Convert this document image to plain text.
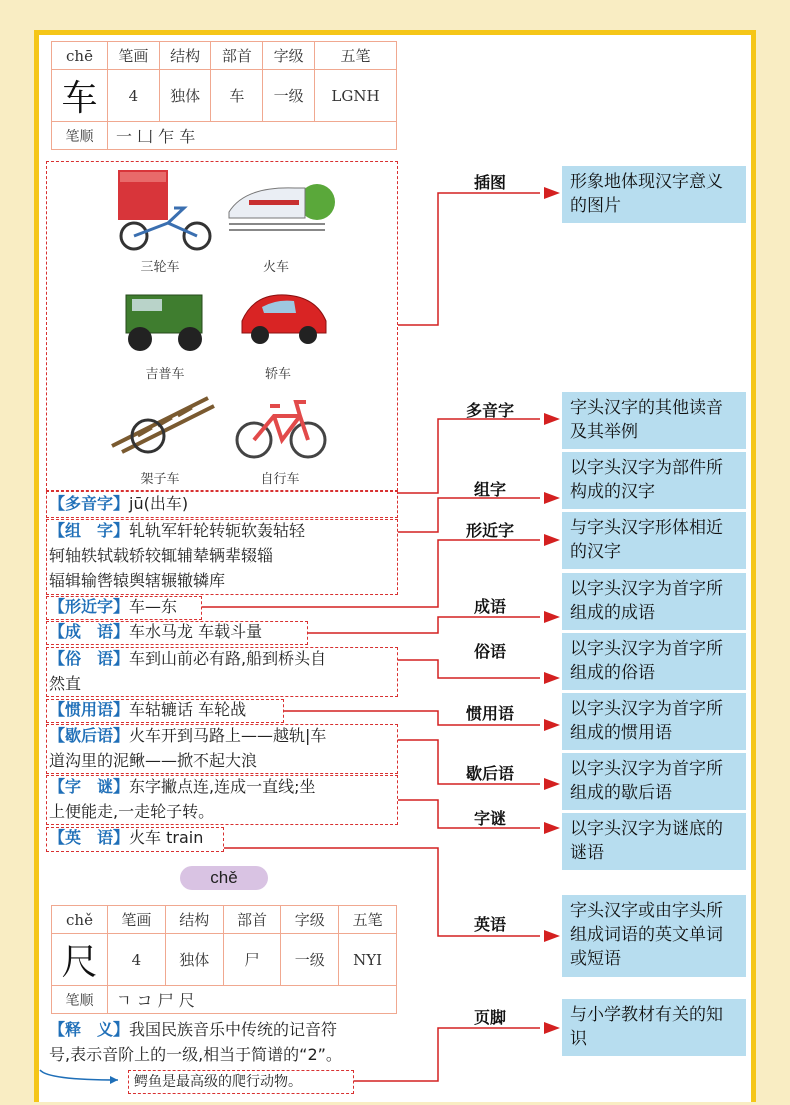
chē	笔画	结构	部首	字级	五笔
车	4	独体	车	一级	LGNH
笔顺	一 ⼐ 乍 车				
三轮车	火车
吉普车	轿车
架子车	自行车
【多音字】jū(出车)
【组　字】轧轨军轩轮转轭软轰轱轻
轲轴轶轼载轿较辄辅辇辆辈辍辎
辐辑输辔辕舆辖辗辙辚库
【形近字】车—东
【成　语】车水马龙 车载斗量
【俗　语】车到山前必有路,船到桥头自
然直
【惯用语】车轱辘话 车轮战
【歇后语】火车开到马路上——越轨|车
道沟里的泥鳅——掀不起大浪
【字　谜】东字撇点连,连成一直线;坐
上便能走,一走轮子转。
【英　语】火车 train
chě
chě	笔画	结构	部首	字级	五笔
尺	4	独体	尸	一级	NYI
笔顺	ㄱ コ 尸 尺				
【释　义】我国民族音乐中传统的记音符
号,表示音阶上的一级,相当于简谱的“2”。
鳄鱼是最高级的爬行动物。
插图
多音字
组字
形近字
成语
俗语
惯用语
歇后语
字谜
英语
页脚
形象地体现汉字意义的图片
字头汉字的其他读音及其举例
以字头汉字为部件所构成的汉字
与字头汉字形体相近的汉字
以字头汉字为首字所组成的成语
以字头汉字为首字所组成的俗语
以字头汉字为首字所组成的惯用语
以字头汉字为首字所组成的歇后语
以字头汉字为谜底的谜语
字头汉字或由字头所组成词语的英文单词或短语
与小学教材有关的知识
